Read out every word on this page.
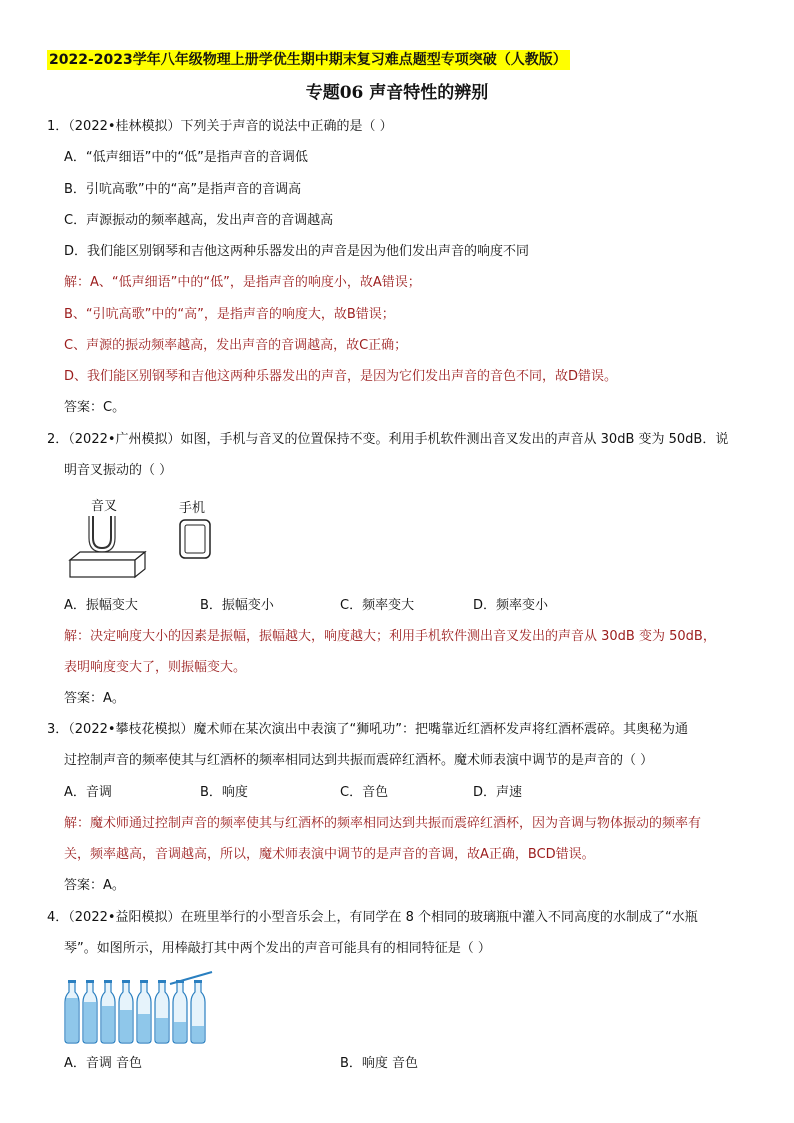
2022-2023学年八年级物理上册学优生期中期末复习难点题型专项突破（人教版）
专题06 声音特性的辨别
1．（2022•桂林模拟）下列关于声音的说法中正确的是（ ）
A．“低声细语”中的“低”是指声音的音调低
B．引吭高歌”中的“高”是指声音的音调高
C．声源振动的频率越高，发出声音的音调越高
D．我们能区别钢琴和吉他这两种乐器发出的声音是因为他们发出声音的响度不同
解：A、“低声细语”中的“低”，是指声音的响度小，故A错误；
B、“引吭高歌”中的“高”，是指声音的响度大，故B错误；
C、声源的振动频率越高，发出声音的音调越高，故C正确；
D、我们能区别钢琴和吉他这两种乐器发出的声音，是因为它们发出声音的音色不同，故D错误。
答案：C。
2．（2022•广州模拟）如图，手机与音叉的位置保持不变。利用手机软件测出音叉发出的声音从 30dB 变为 50dB．说
明音叉振动的（ ）
音叉	手机
A．振幅变大	B．振幅变小	C．频率变大	D．频率变小
解：决定响度大小的因素是振幅，振幅越大，响度越大；利用手机软件测出音叉发出的声音从 30dB 变为 50dB，
表明响度变大了，则振幅变大。
答案：A。
3．（2022•攀枝花模拟）魔术师在某次演出中表演了“狮吼功”：把嘴靠近红酒杯发声将红酒杯震碎。其奥秘为通
过控制声音的频率使其与红酒杯的频率相同达到共振而震碎红酒杯。魔术师表演中调节的是声音的（ ）
A．音调	B．响度	C．音色	D．声速
解：魔术师通过控制声音的频率使其与红酒杯的频率相同达到共振而震碎红酒杯，因为音调与物体振动的频率有
关，频率越高，音调越高，所以，魔术师表演中调节的是声音的音调，故A正确，BCD错误。
答案：A。
4．（2022•益阳模拟）在班里举行的小型音乐会上，有同学在 8 个相同的玻璃瓶中灌入不同高度的水制成了“水瓶
琴”。如图所示，用棒敲打其中两个发出的声音可能具有的相同特征是（ ）
A．音调 音色	B．响度 音色
